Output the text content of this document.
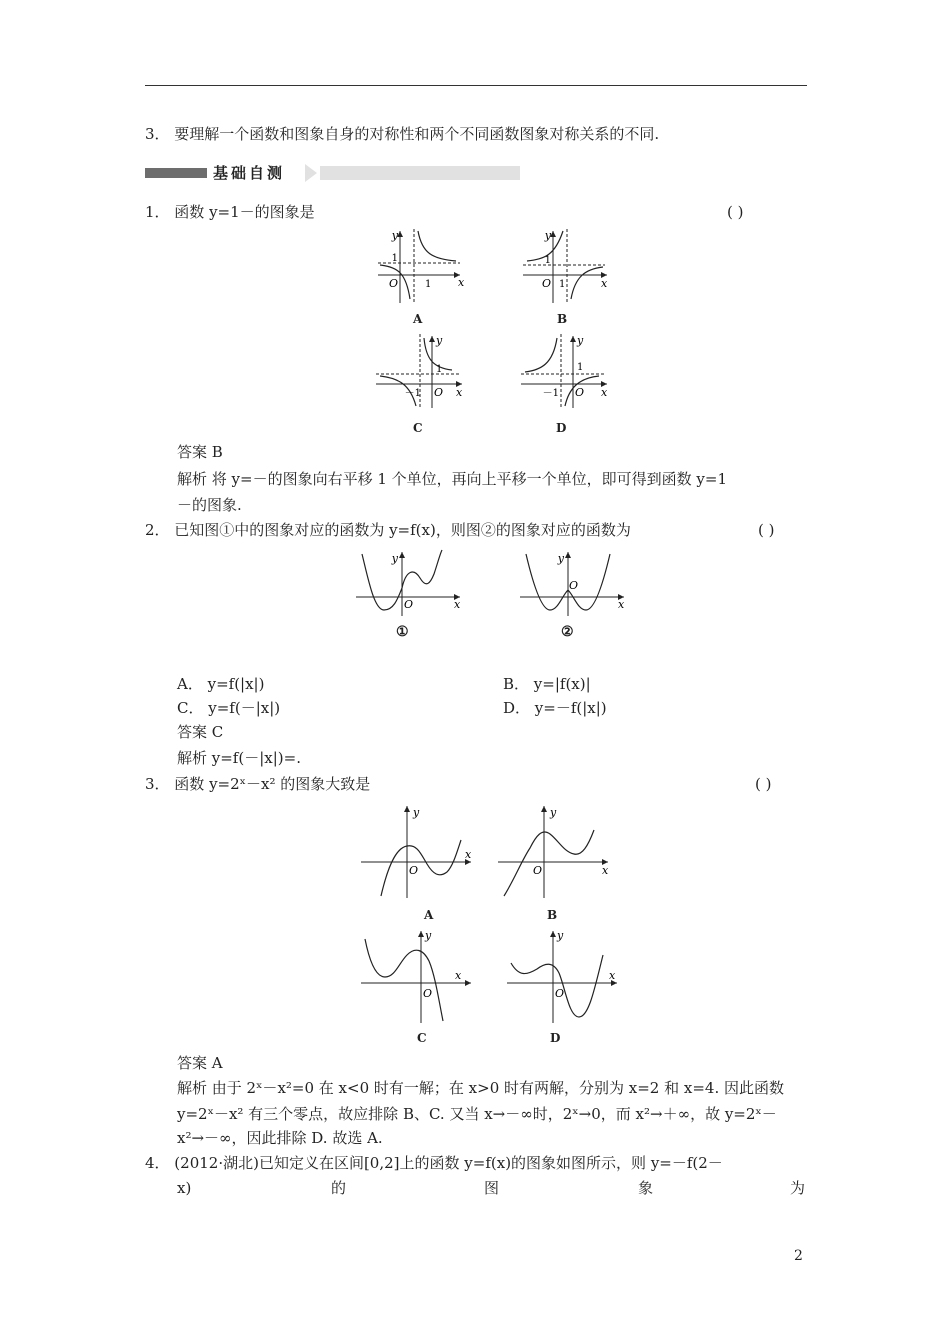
3． 要理解一个函数和图象自身的对称性和两个不同函数图象对称关系的不同.
基础自测
1． 函数 y=1－的图象是	( )
y
x
O
1
1
A
y
x
O
1
1
B
y
x
O
1
－1
C
y
x
O
1
－1
D
答案 B
解析 将 y=－的图象向右平移 1 个单位，再向上平移一个单位，即可得到函数 y=1
－的图象.
2． 已知图①中的图象对应的函数为 y=f(x)，则图②的图象对应的函数为	( )
y
x
O
①
y
x
O
②
A． y=f(|x|)	B． y=|f(x)|
C． y=f(－|x|)	D． y=－f(|x|)
答案 C
解析 y=f(－|x|)=.
3． 函数 y=2ˣ－x² 的图象大致是	( )
y
x
O
A
y
x
O
B
y
x
O
C
y
x
O
D
答案 A
解析 由于 2ˣ－x²=0 在 x<0 时有一解；在 x>0 时有两解，分别为 x=2 和 x=4. 因此函数
y=2ˣ－x² 有三个零点，故应排除 B、C. 又当 x→－∞时，2ˣ→0，而 x²→＋∞，故 y=2ˣ－
x²→－∞，因此排除 D. 故选 A.
4． (2012·湖北)已知定义在区间[0,2]上的函数 y=f(x)的图象如图所示，则 y=－f(2－
x)	的	图	象	为
2
